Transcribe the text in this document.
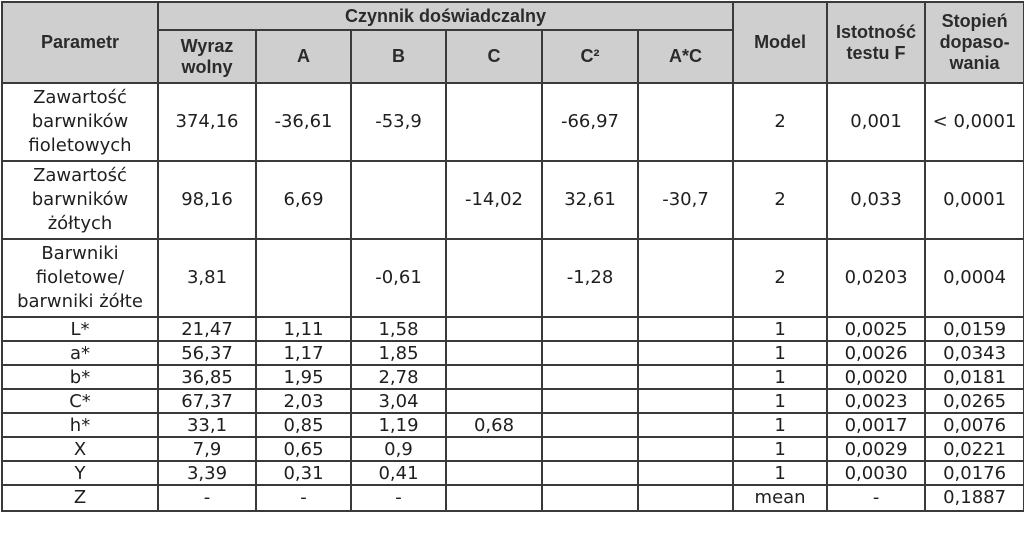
Parametr	Czynnik doświadczalny						Model	Istotność testu F	Stopień dopaso-wania
	Wyraz wolny	A	B	C	C²	A*C			
Zawartość barwników fioletowych	374,16	-36,61	-53,9		-66,97		2	0,001	< 0,0001
Zawartość barwników żółtych	98,16	6,69		-14,02	32,61	-30,7	2	0,033	0,0001
Barwniki fioletowe/ barwniki żółte	3,81		-0,61		-1,28		2	0,0203	0,0004
L*	21,47	1,11	1,58				1	0,0025	0,0159
a*	56,37	1,17	1,85				1	0,0026	0,0343
b*	36,85	1,95	2,78				1	0,0020	0,0181
C*	67,37	2,03	3,04				1	0,0023	0,0265
h*	33,1	0,85	1,19	0,68			1	0,0017	0,0076
X	7,9	0,65	0,9				1	0,0029	0,0221
Y	3,39	0,31	0,41				1	0,0030	0,0176
Z	-	-	-				mean	-	0,1887
